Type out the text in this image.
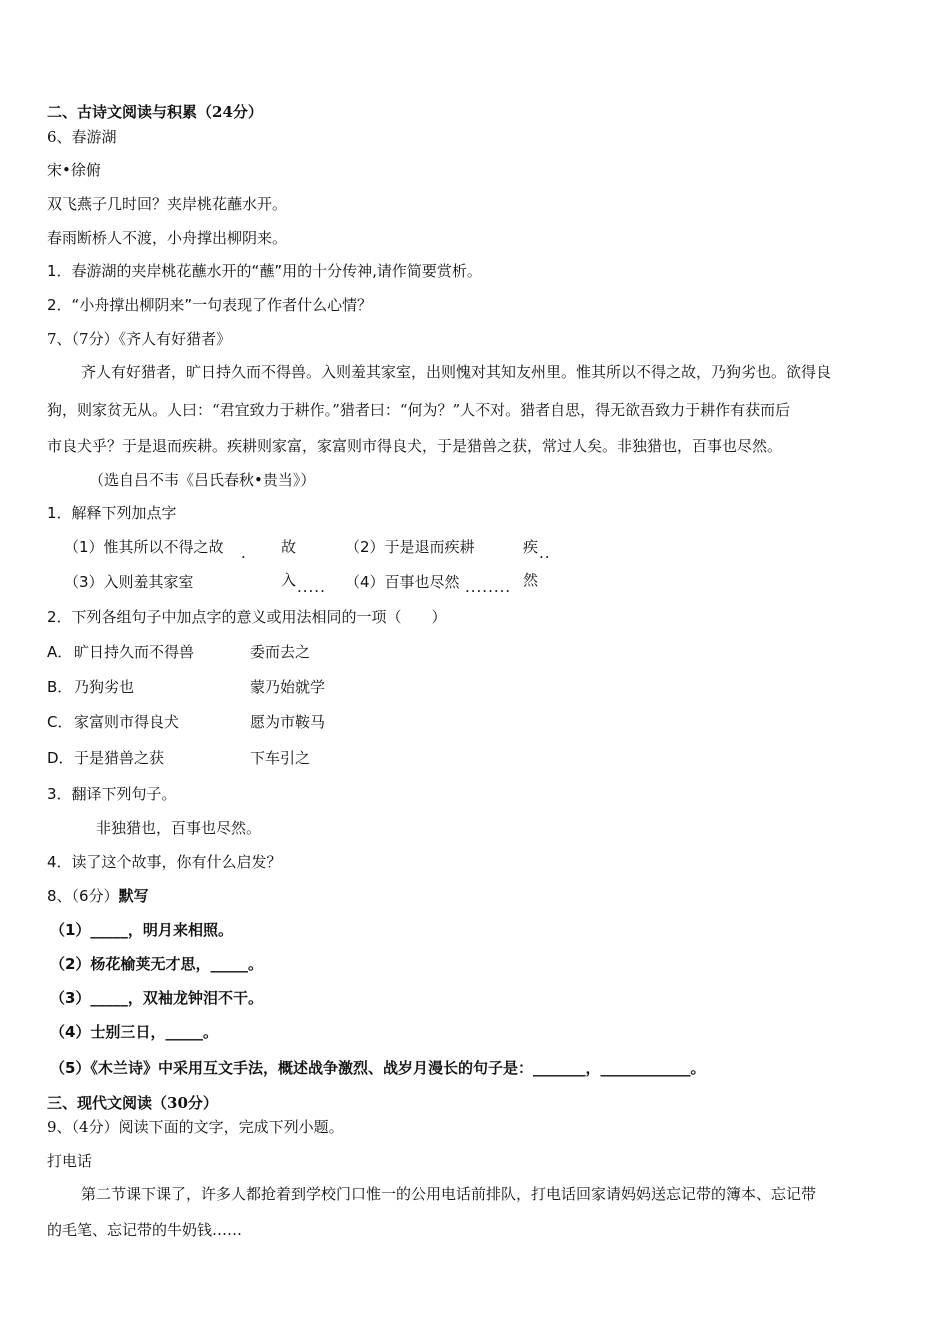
二、古诗文阅读与积累（24分）
6、春游湖
宋•徐俯
双飞燕子几时回？夹岸桃花蘸水开。
春雨断桥人不渡，小舟撑出柳阴来。
1．春游湖的夹岸桃花蘸水开的“蘸”用的十分传神,请作简要赏析。
2．“小舟撑出柳阴来”一句表现了作者什么心情？
7、（7分）《齐人有好猎者》
齐人有好猎者，旷日持久而不得兽。入则羞其家室，出则愧对其知友州里。惟其所以不得之故，乃狗劣也。欲得良
狗，则家贫无从。人曰：“君宜致力于耕作。”猎者曰：“何为？”人不对。猎者自思，得无欲吾致力于耕作有获而后
市良犬乎？于是退而疾耕。疾耕则家富，家富则市得良犬，于是猎兽之获，常过人矣。非独猎也，百事也尽然。
（选自吕不韦《吕氏春秋•贵当》）
1．解释下列加点字
（1）惟其所以不得之故 . 故	（2）于是退而疾耕	疾 ..
（3）入则羞其家室	入 ..... （4）百事也尽然 ........ 然
2．下列各组句子中加点字的意义或用法相同的一项（　　）
A． 旷日持久而不得兽	委而去之
B． 乃狗劣也	蒙乃始就学
C． 家富则市得良犬	愿为市鞍马
D． 于是猎兽之获	下车引之
3．翻译下列句子。
非独猎也，百事也尽然。
4．读了这个故事，你有什么启发？
8、（6分）默写
（1）_____，明月来相照。
（2）杨花榆荚无才思，_____。
（3）_____，双袖龙钟泪不干。
（4）士别三日，_____。
（5）《木兰诗》中采用互文手法，概述战争激烈、战岁月漫长的句子是：_______，____________。
三、现代文阅读（30分）
9、（4分）阅读下面的文字，完成下列小题。
打电话
第二节课下课了，许多人都抢着到学校门口惟一的公用电话前排队，打电话回家请妈妈送忘记带的簿本、忘记带
的毛笔、忘记带的牛奶钱……
